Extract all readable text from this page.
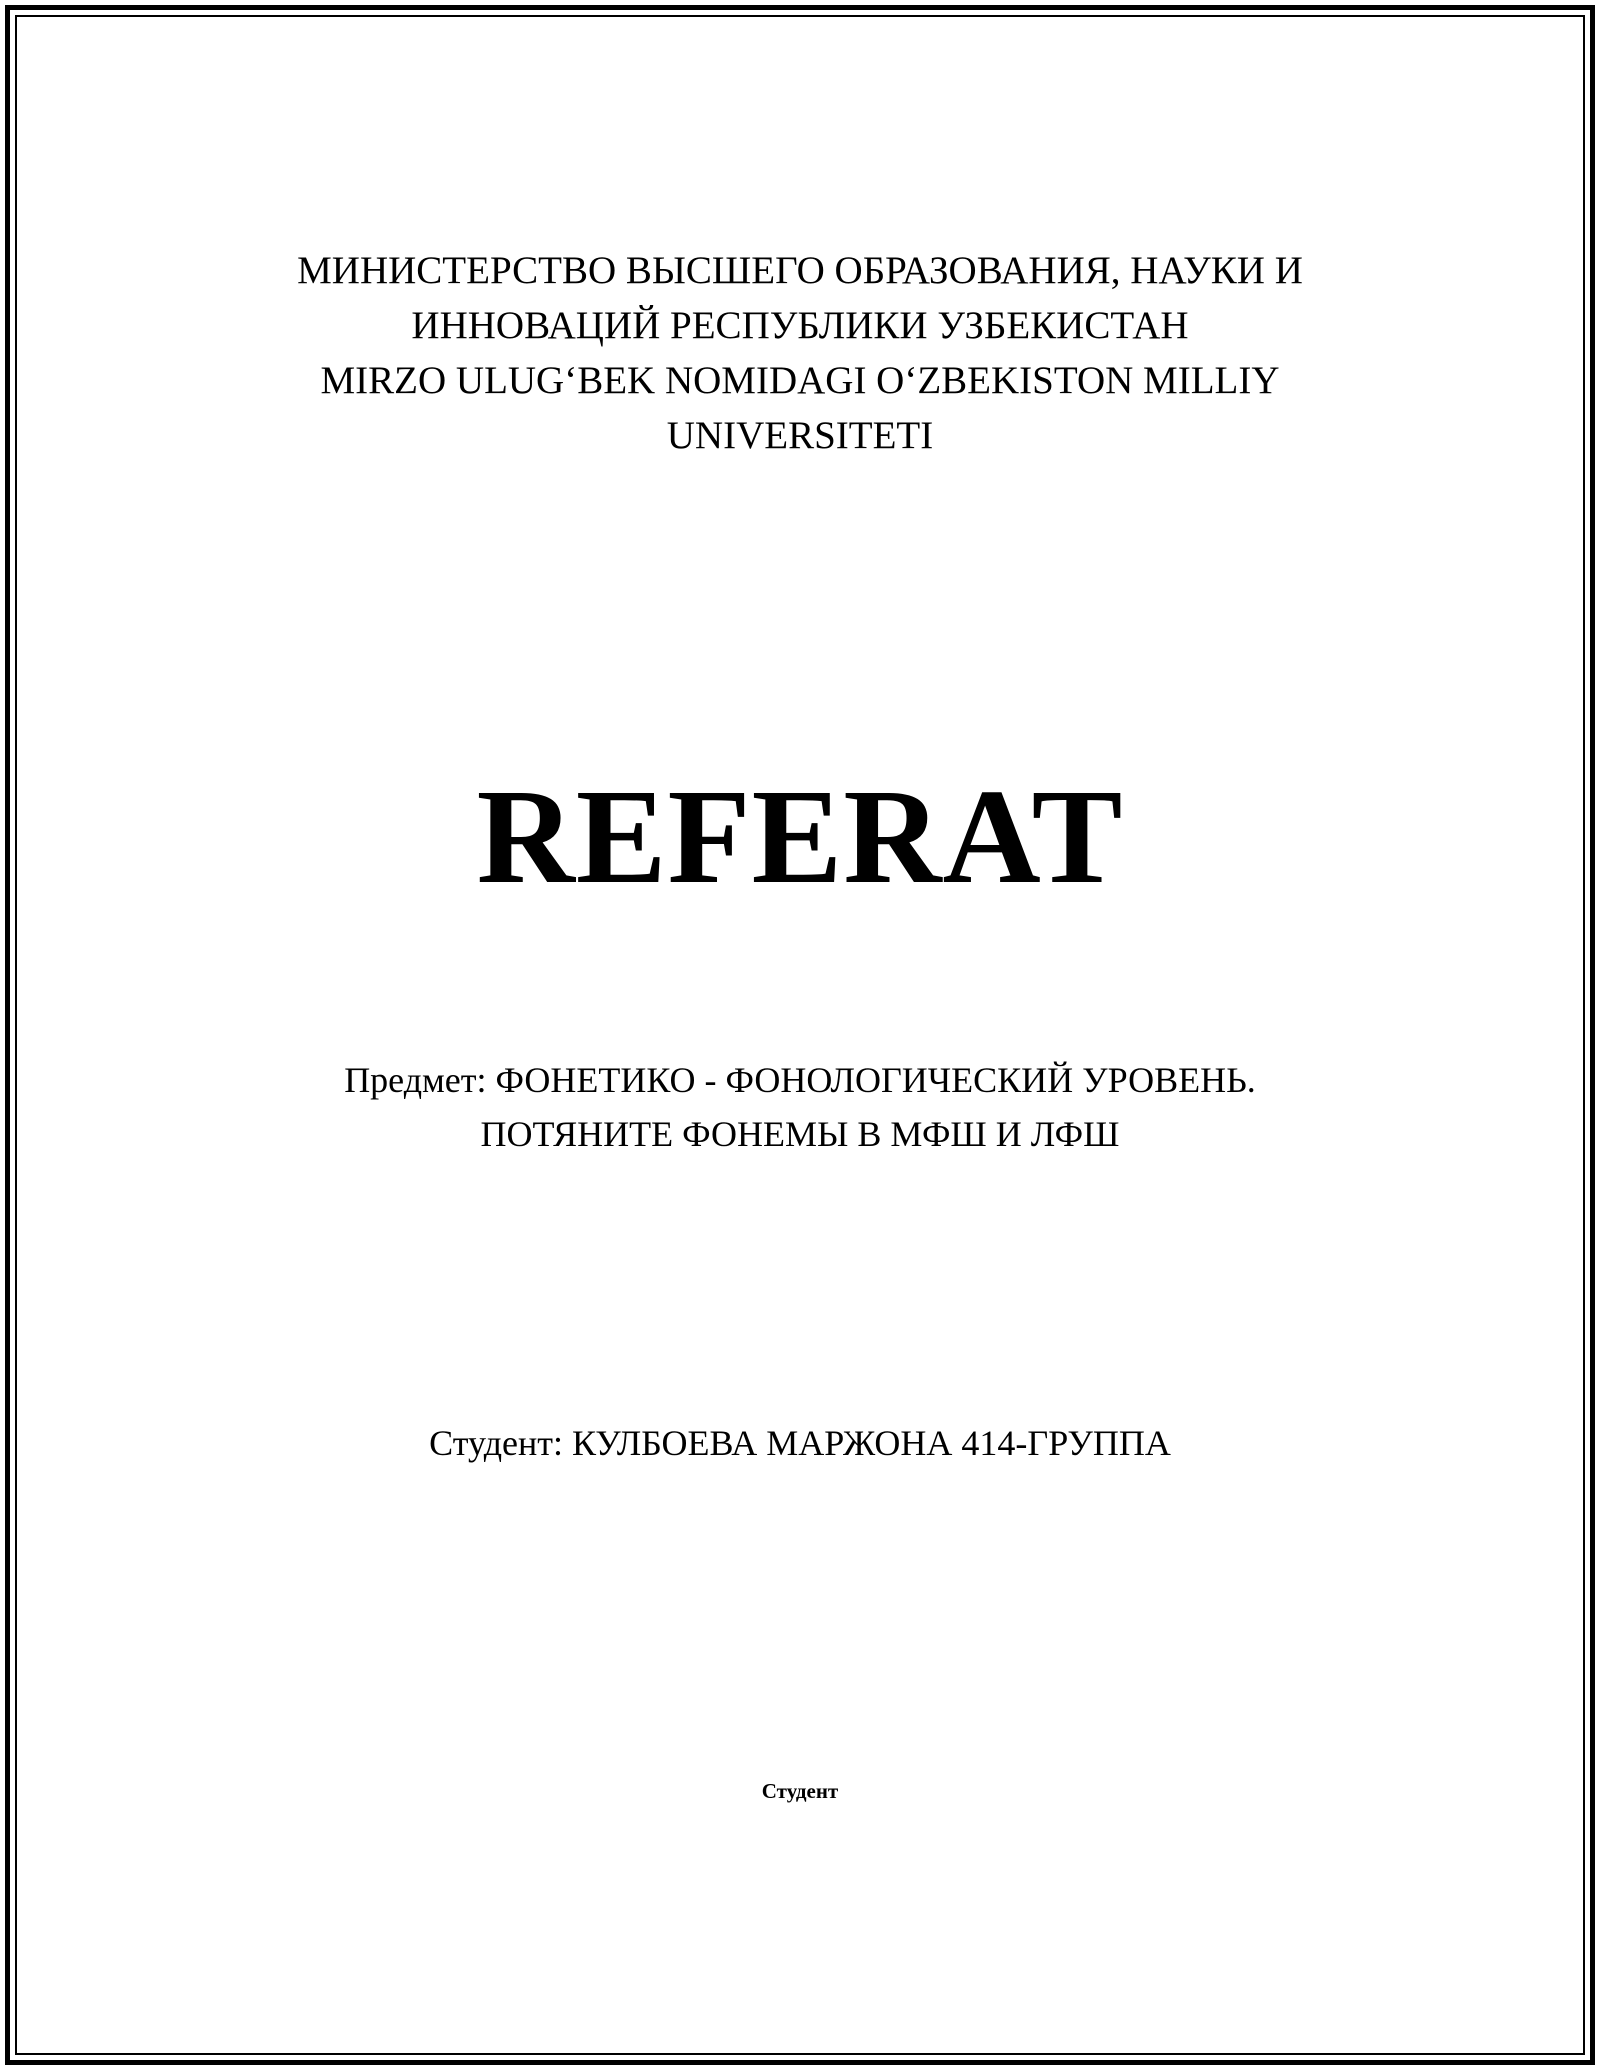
МИНИСТЕРСТВО ВЫСШЕГО ОБРАЗОВАНИЯ, НАУКИ И
ИННОВАЦИЙ РЕСПУБЛИКИ УЗБЕКИСТАН
MIRZO ULUG‘BEK NOMIDAGI O‘ZBEKISTON MILLIY
UNIVERSITETI
REFERAT
Предмет: ФОНЕТИКО - ФОНОЛОГИЧЕСКИЙ УРОВЕНЬ.
ПОТЯНИТЕ ФОНЕМЫ В МФШ И ЛФШ

Студент: КУЛБОЕВА МАРЖОНА 414-ГРУППА

Студент
